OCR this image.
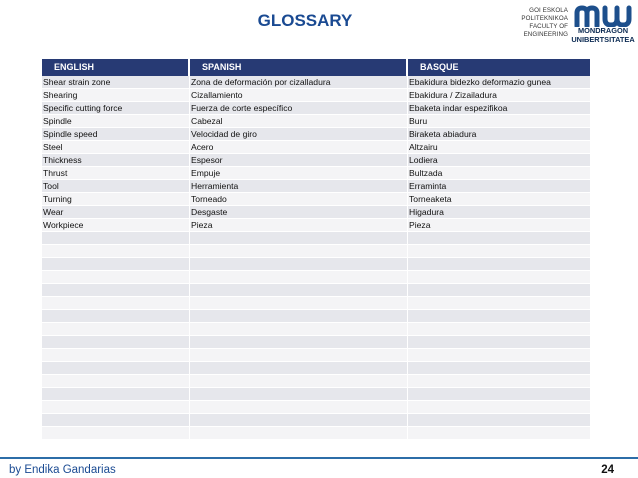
GLOSSARY
GOI ESKOLA
POLITEKNIKOA
FACULTY OF
ENGINEERING	MONDRAGON
UNIBERTSITATEA
ENGLISH	SPANISH	BASQUE
Shear strain zone	Zona de deformación por cizalladura	Ebakidura bidezko deformazio gunea
Shearing	Cizallamiento	Ebakidura / Zizailadura
Specific cutting force	Fuerza de corte específico	Ebaketa indar espezifikoa
Spindle	Cabezal	Buru
Spindle speed	Velocidad de giro	Biraketa abiadura
Steel	Acero	Altzairu
Thickness	Espesor	Lodiera
Thrust	Empuje	Bultzada
Tool	Herramienta	Erraminta
Turning	Torneado	Torneaketa
Wear	Desgaste	Higadura
Workpiece	Pieza	Pieza
by Endika Gandarias	24
